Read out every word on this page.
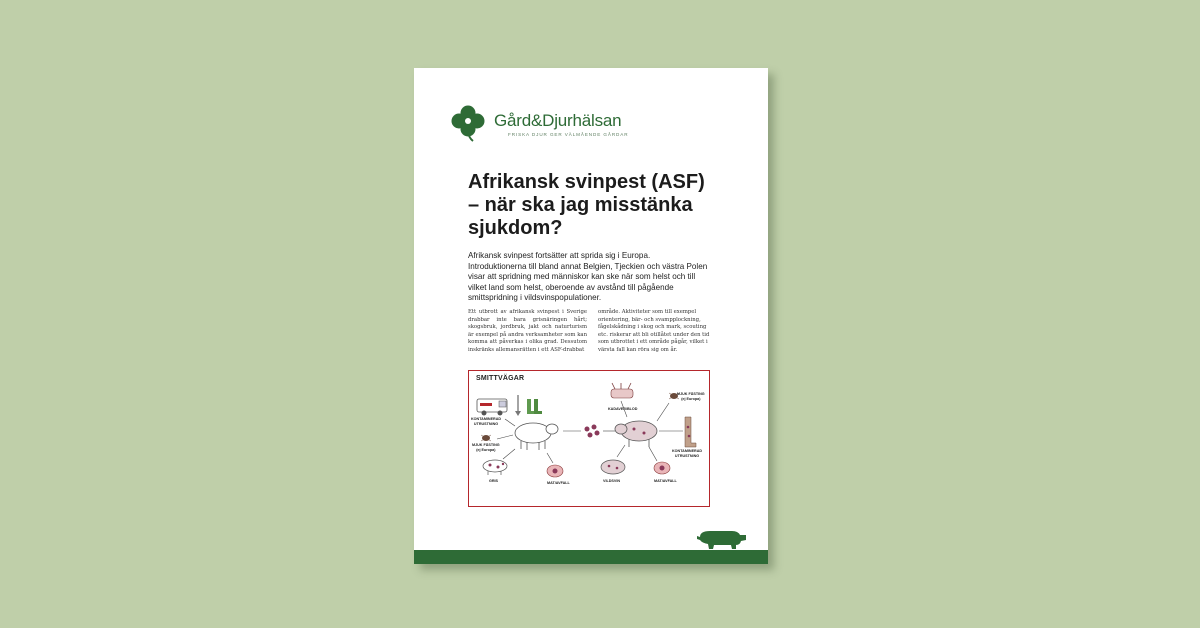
Gård&Djurhälsan
FRISKA DJUR GER VÄLMÅENDE GÅRDAR
Afrikansk svinpest (ASF)
– när ska jag misstänka
sjukdom?

Afrikansk svinpest fortsätter att sprida sig i Europa. Introduktionerna till bland annat Belgien, Tjeckien och västra Polen visar att spridning med människor kan ske när som helst och till vilket land som helst, oberoende av avstånd till pågående smittspridning i vildsvinspopulationer.

Ett utbrott av afrikansk svinpest i Sverige drabbar inte bara grisnäringen hårt; skogsbruk, jordbruk, jakt och naturturism är exempel på andra verksamheter som kan komma att påverkas i olika grad. Dessutom inskränks allemansrätten i ett ASF-drabbat

område. Aktiviteter som till exempel orientering, bär- och svampplockning, fågelskådning i skog och mark, scouting etc. riskerar att bli otillåtet under den tid som utbrottet i ett område pågår, vilket i värsta fall kan röra sig om år.

SMITTVÄGAR
KONTAMINERAD
UTRUSTNING
MJUK FÄSTING
(ej Europa)
GRIS	MAT/AVFALL
KADAVER/BLOD
MJUK FÄSTING
(ej Europa)
KONTAMINERAD
UTRUSTNING
VILDSVIN	MAT/AVFALL
